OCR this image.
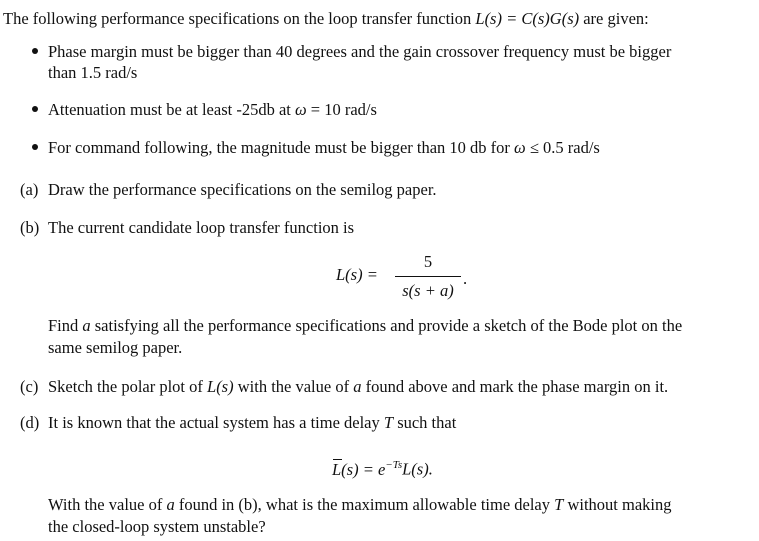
The following performance specifications on the loop transfer function L(s) = C(s)G(s) are given:
Phase margin must be bigger than 40 degrees and the gain crossover frequency must be bigger
than 1.5 rad/s
Attenuation must be at least -25db at ω = 10 rad/s
For command following, the magnitude must be bigger than 10 db for ω ≤ 0.5 rad/s
(a) Draw the performance specifications on the semilog paper.
(b) The current candidate loop transfer function is
L(s) =
5
s(s + a)
.
Find a satisfying all the performance specifications and provide a sketch of the Bode plot on the
same semilog paper.
(c) Sketch the polar plot of L(s) with the value of a found above and mark the phase margin on it.
(d) It is known that the actual system has a time delay T such that
$L(s) = e^{-Ts}L(s)$.
With the value of a found in (b), what is the maximum allowable time delay T without making
the closed-loop system unstable?
